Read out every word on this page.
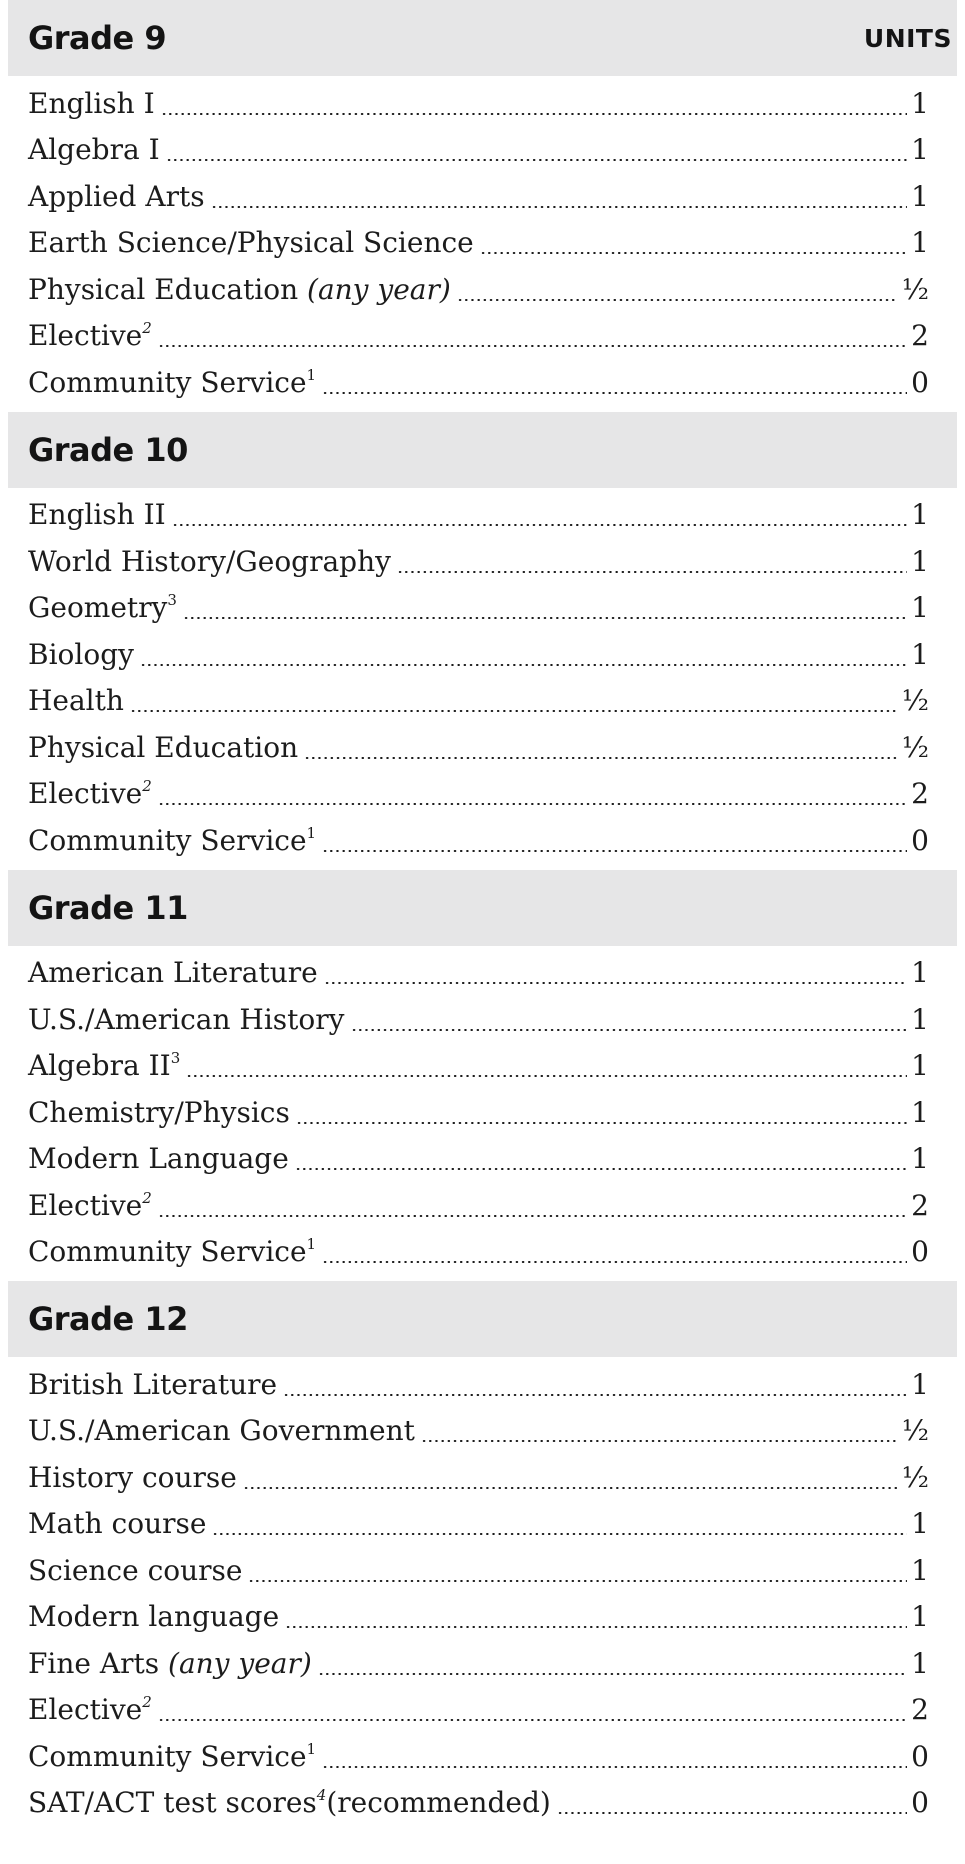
Grade 9	UNITS
English I	1
Algebra I	1
Applied Arts	1
Earth Science/Physical Science	1
Physical Education (any year)	½
Elective$^2$	2
Community Service$^1$	0
Grade 10
English II	1
World History/Geography	1
Geometry$^3$	1
Biology	1
Health	½
Physical Education	½
Elective$^2$	2
Community Service$^1$	0
Grade 11
American Literature	1
U.S./American History	1
Algebra $II^3$	1
Chemistry/Physics	1
Modern Language	1
Elective$^2$	2
Community Service$^1$	0
Grade 12
British Literature	1
U.S./American Government	½
History course	½
Math course	1
Science course	1
Modern language	1
Fine Arts (any year)	1
Elective$^2$	2
Community Service$^1$	0
SAT/ACT test scores$^4$(recommended)	0
